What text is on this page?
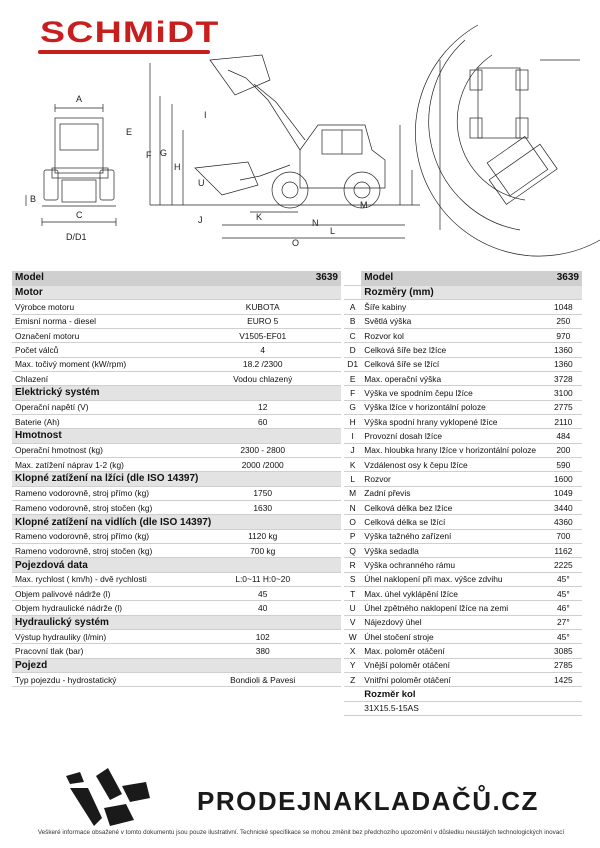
SCHMiDT
A
B
C
D/D1
E
F G
H
I
J	K
L
M
N
O
U
Model	3639
Motor	
Výrobce motoru	KUBOTA
Emisní norma - diesel	EURO 5
Označení motoru	V1505-EF01
Počet válců	4
Max. točivý moment (kW/rpm)	18.2 /2300
Chlazení	Vodou chlazený
Elektrický systém	
Operační napětí (V)	12
Baterie (Ah)	60
Hmotnost	
Operační hmotnost (kg)	2300 - 2800
Max. zatížení náprav 1-2 (kg)	2000 /2000
Klopné zatížení na lžíci (dle ISO 14397)	
Rameno vodorovně, stroj přímo (kg)	1750
Rameno vodorovně, stroj stočen (kg)	1630
Klopné zatížení na vidlích (dle ISO 14397)	
Rameno vodorovně, stroj přímo (kg)	1120 kg
Rameno vodorovně, stroj stočen (kg)	700 kg
Pojezdová data	
Max. rychlost ( km/h) - dvě rychlosti	L:0~11 H:0~20
Objem palivové nádrže (l)	45
Objem hydraulické nádrže (l)	40
Hydraulický systém	
Výstup hydrauliky (l/min)	102
Pracovní tlak (bar)	380
Pojezd	
Typ pojezdu - hydrostatický	Bondioli & Pavesi
	Model	3639
	Rozměry (mm)	
A	Šíře kabiny	1048
B	Světlá výška	250
C	Rozvor kol	970
D	Celková šíře bez lžíce	1360
D1	Celková šíře se lžící	1360
E	Max. operační výška	3728
F	Výška ve spodním čepu lžíce	3100
G	Výška lžíce v horizontální poloze	2775
H	Výška spodní hrany vyklopené lžíce	2110
I	Provozní dosah lžíce	484
J	Max. hloubka hrany lžíce v horizontální poloze	200
K	Vzdálenost osy k čepu lžíce	590
L	Rozvor	1600
M	Zadní převis	1049
N	Celková délka bez lžíce	3440
O	Celková délka se lžící	4360
P	Výška tažného zařízení	700
Q	Výška sedadla	1162
R	Výška ochranného rámu	2225
S	Úhel naklopení při max. výšce zdvihu	45°
T	Max. úhel vyklápění lžíce	45°
U	Úhel zpětného naklopení lžíce na zemi	46°
V	Nájezdový úhel	27°
W	Úhel stočení stroje	45°
X	Max. poloměr otáčení	3085
Y	Vnější poloměr otáčení	2785
Z	Vnitřní poloměr otáčení	1425
	Rozměr kol	
	31X15.5-15AS	
PRODEJNAKLADAČŮ.CZ
Veškeré informace obsažené v tomto dokumentu jsou pouze ilustrativní. Technické specifikace se mohou změnit bez předchozího upozornění v důsledku neustálých technologických inovací
